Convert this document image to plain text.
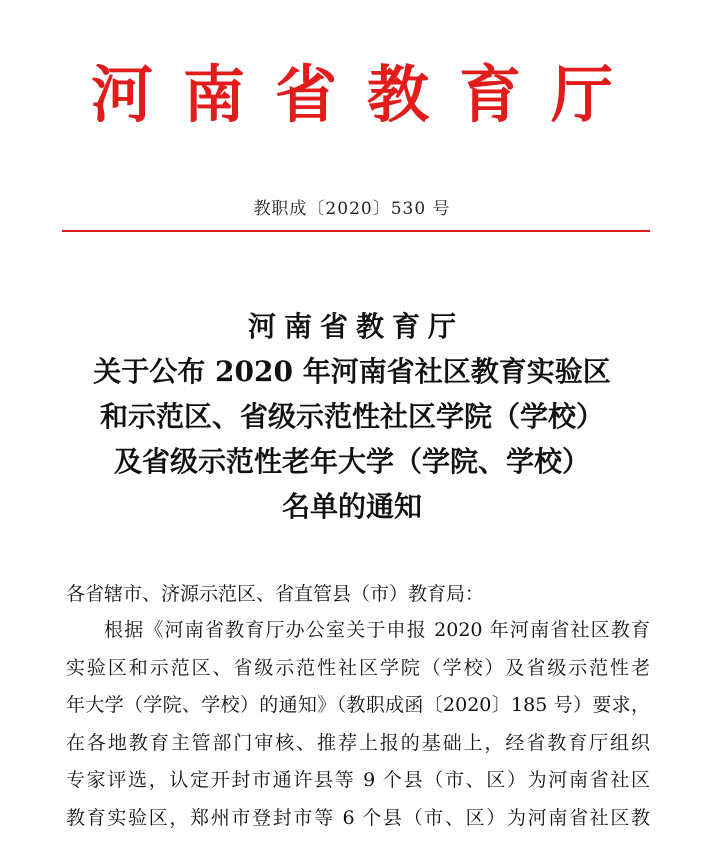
河南省教育厅
教职成〔2020〕530 号
河南省教育厅
关于公布 2020 年河南省社区教育实验区
和示范区、省级示范性社区学院（学校）
及省级示范性老年大学（学院、学校）
名单的通知
各省辖市、济源示范区、省直管县（市）教育局：
根据《河南省教育厅办公室关于申报 2020 年河南省社区教育
实验区和示范区、省级示范性社区学院（学校）及省级示范性老
年大学（学院、学校）的通知》（教职成函〔2020〕185 号）要求，
在各地教育主管部门审核、推荐上报的基础上，经省教育厅组织
专家评选，认定开封市通许县等 9 个县（市、区）为河南省社区
教育实验区，郑州市登封市等 6 个县（市、区）为河南省社区教
